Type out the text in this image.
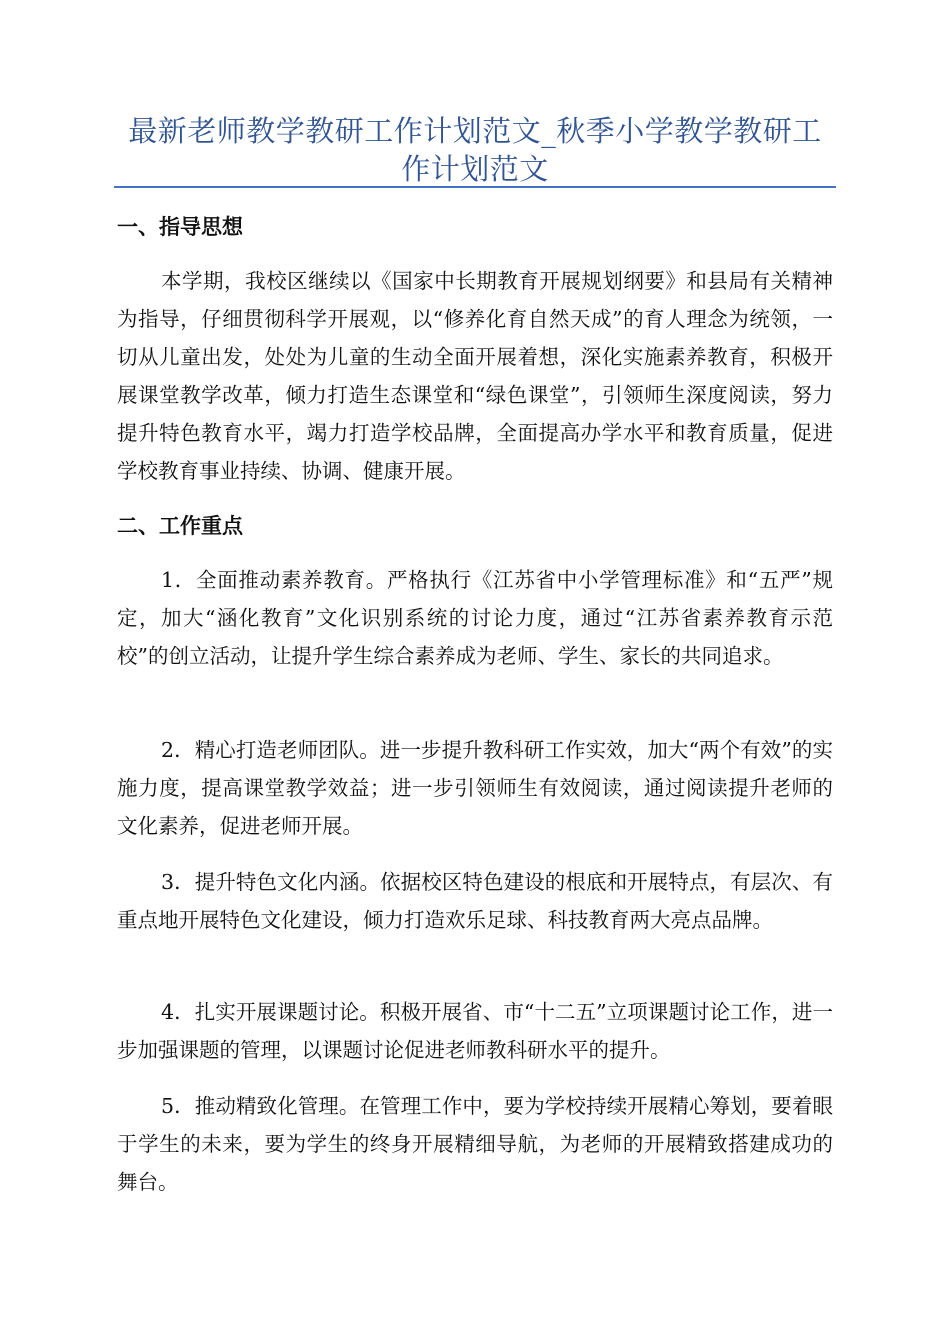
最新老师教学教研工作计划范文_秋季小学教学教研工作计划范文
一、指导思想

本学期，我校区继续以《国家中长期教育开展规划纲要》和县局有关精神为指导，仔细贯彻科学开展观，以“修养化育自然天成”的育人理念为统领，一切从儿童出发，处处为儿童的生动全面开展着想，深化实施素养教育，积极开展课堂教学改革，倾力打造生态课堂和“绿色课堂”，引领师生深度阅读，努力提升特色教育水平，竭力打造学校品牌，全面提高办学水平和教育质量，促进学校教育事业持续、协调、健康开展。

二、工作重点

1．全面推动素养教育。严格执行《江苏省中小学管理标准》和“五严”规定，加大“涵化教育”文化识别系统的讨论力度，通过“江苏省素养教育示范校”的创立活动，让提升学生综合素养成为老师、学生、家长的共同追求。

2．精心打造老师团队。进一步提升教科研工作实效，加大“两个有效”的实施力度，提高课堂教学效益；进一步引领师生有效阅读，通过阅读提升老师的文化素养，促进老师开展。

3．提升特色文化内涵。依据校区特色建设的根底和开展特点，有层次、有重点地开展特色文化建设，倾力打造欢乐足球、科技教育两大亮点品牌。

4．扎实开展课题讨论。积极开展省、市“十二五”立项课题讨论工作，进一步加强课题的管理，以课题讨论促进老师教科研水平的提升。

5．推动精致化管理。在管理工作中，要为学校持续开展精心筹划，要着眼于学生的未来，要为学生的终身开展精细导航，为老师的开展精致搭建成功的舞台。
